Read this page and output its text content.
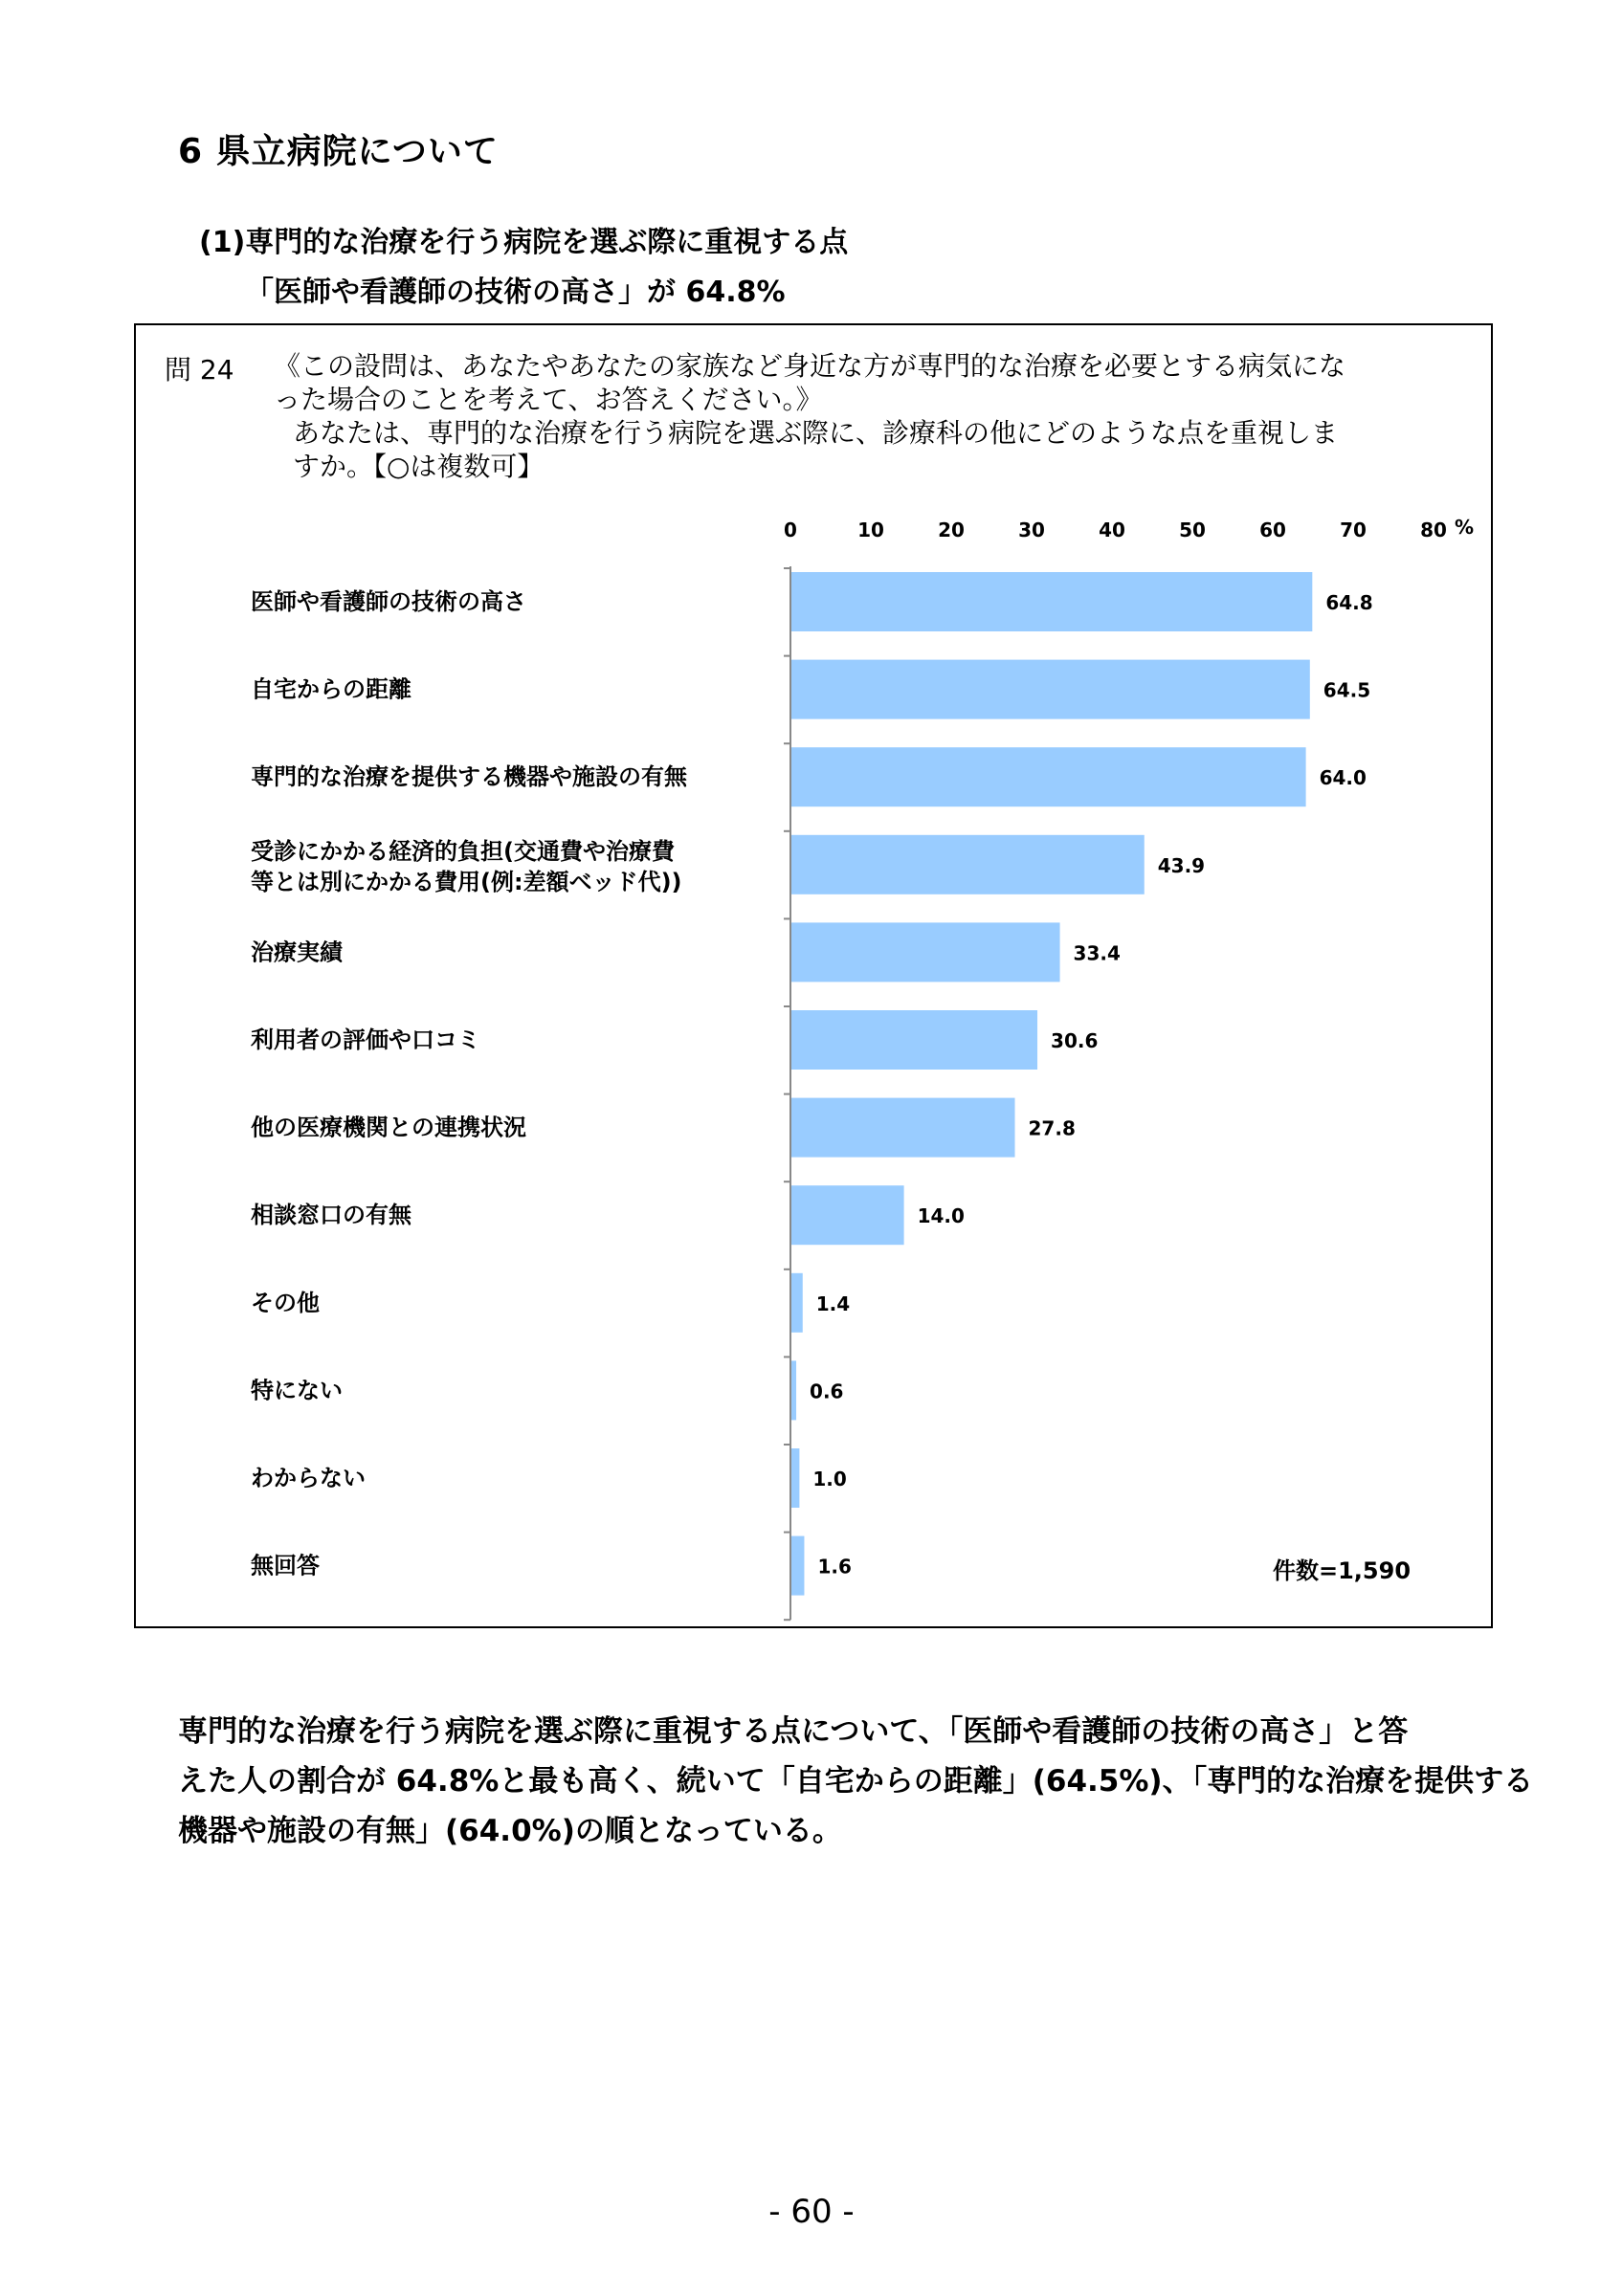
6 県立病院について
(1)専門的な治療を行う病院を選ぶ際に重視する点
「医師や看護師の技術の高さ」が 64.8%
問 24 《この設問は、あなたやあなたの家族など身近な方が専門的な治療を必要とする病気にな
った場合のことを考えて、お答えください。》
あなたは、専門的な治療を行う病院を選ぶ際に、診療科の他にどのような点を重視しま
すか。【○は複数可】
0	10	20	30	40	50	60	70	80 %
64.8
医師や看護師の技術の高さ
64.5
自宅からの距離
64.0
専門的な治療を提供する機器や施設の有無
43.9
受診にかかる経済的負担(交通費や治療費等とは別にかかる費用(例:差額ベッド代))
33.4
治療実績
30.6
利用者の評価や口コミ
27.8
他の医療機関との連携状況
14.0
相談窓口の有無
1.4
その他
0.6
特にない
1.0
わからない
1.6
無回答	件数=1,590
専門的な治療を行う病院を選ぶ際に重視する点について、「医師や看護師の技術の高さ」と答
えた人の割合が 64.8%と最も高く、続いて「自宅からの距離」(64.5%)、「専門的な治療を提供する
機器や施設の有無」(64.0%)の順となっている。
- 60 -
